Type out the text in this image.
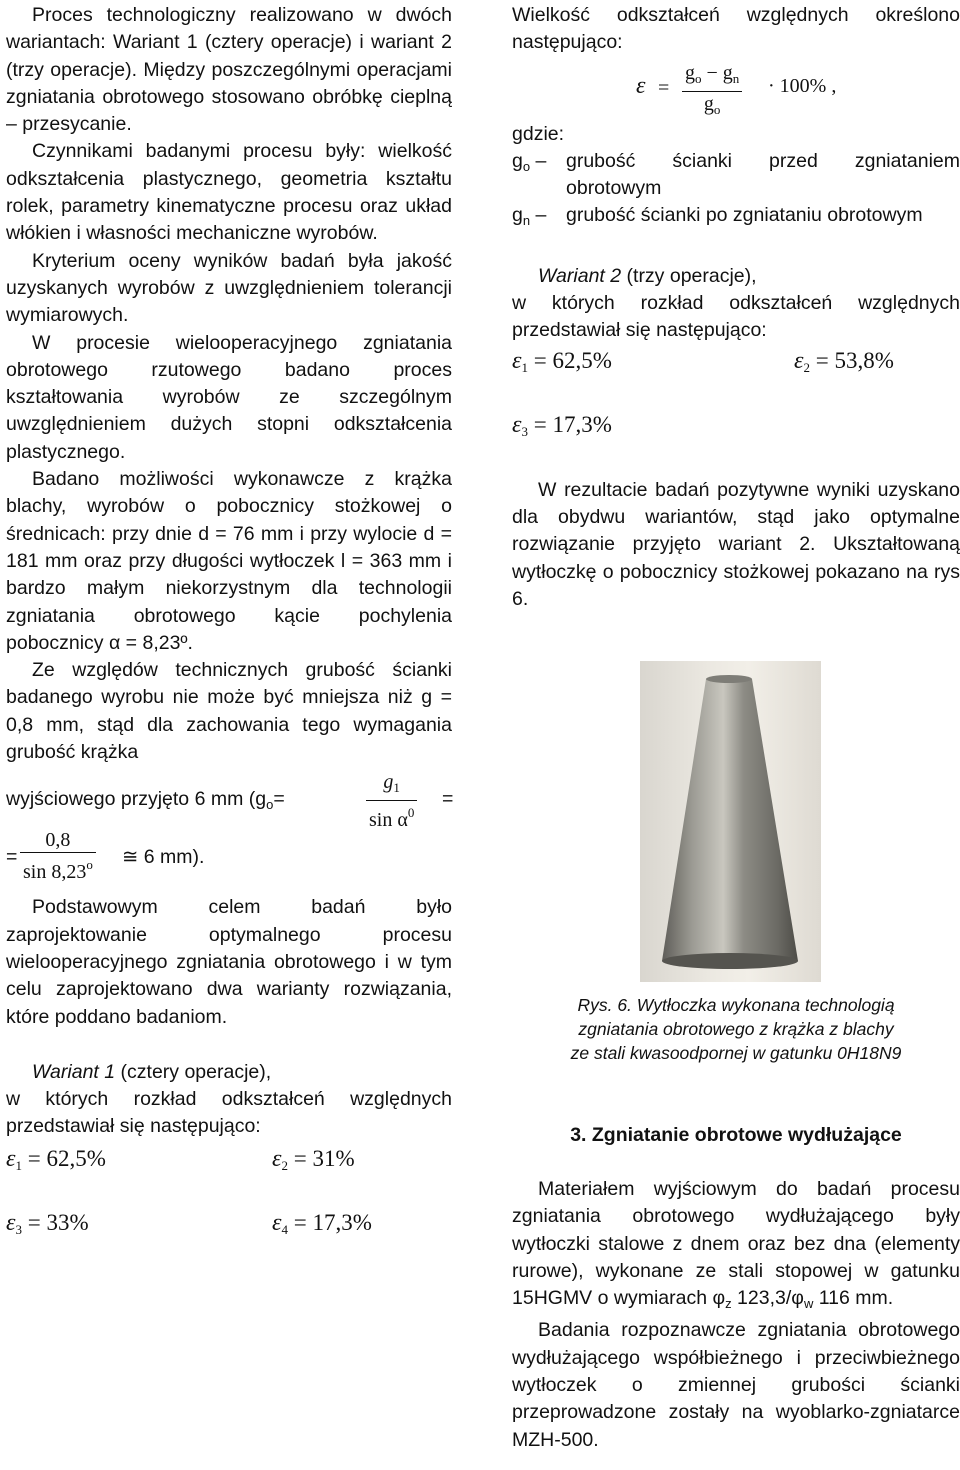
Proces technologiczny realizowano w dwóch wariantach: Wariant 1 (cztery operacje) i wariant 2 (trzy operacje). Między poszczególnymi operacjami zgniatania obrotowego stosowano obróbkę cieplną – przesycanie.

Czynnikami badanymi procesu były: wielkość odkształcenia plastycznego, geometria kształtu rolek, parametry kinematyczne procesu oraz układ włókien i własności mechaniczne wyrobów.

Kryterium oceny wyników badań była jakość uzyskanych wyrobów z uwzględnieniem tolerancji wymiarowych.

W procesie wielooperacyjnego zgniatania obrotowego rzutowego badano proces kształtowania wyrobów ze szczególnym uwzględnieniem dużych stopni odkształcenia plastycznego.

Badano możliwości wykonawcze z krążka blachy, wyrobów o pobocznicy stożkowej o średnicach: przy dnie d = 76 mm i przy wylocie d = 181 mm oraz przy długości wytłoczek l = 363 mm i bardzo małym niekorzystnym dla technologii zgniatania obrotowego kącie pochylenia pobocznicy α = 8,23º.

Ze względów technicznych grubość ścianki badanego wyrobu nie może być mniejsza niż g = 0,8 mm, stąd dla zachowania tego wymagania grubość krążka

wyjściowego przyjęto 6 mm ($g_o=$	$\frac{g_1}{\sin \alpha^0}$ =
= $\frac{0,8}{\sin 8,23^o}$ ≅ 6 mm).

Podstawowym celem badań było zaprojektowanie optymalnego procesu wielooperacyjnego zgniatania obrotowego i w tym celu zaprojektowano dwa warianty rozwiązania, które poddano badaniom.

Wariant 1 (cztery operacje),

w których rozkład odkształceń względnych przedstawiał się następująco:

$\varepsilon_1 = 62,5\%$	$\varepsilon_2 = 31\%$
$\varepsilon_3 = 33\%$	$\varepsilon_4 = 17,3\%$

Wielkość odkształceń względnych określono następująco:

$\varepsilon = \frac{g_o - g_n}{g_o} \cdot 100\%$ ,

gdzie:

$g_o$ –	grubość ścianki przed zgniataniem obrotowym
$g_n$ –	grubość ścianki po zgniataniu obrotowym

Wariant 2 (trzy operacje),

w których rozkład odkształceń względnych przedstawiał się następująco:

$\varepsilon_1 = 62,5\%$	$\varepsilon_2 = 53,8\%$
$\varepsilon_3 = 17,3\%$

W rezultacie badań pozytywne wyniki uzyskano dla obydwu wariantów, stąd jako optymalne rozwiązanie przyjęto wariant 2. Ukształtowaną wytłoczkę o pobocznicy stożkowej pokazano na rys 6.

Rys. 6. Wytłoczka wykonana technologią
zgniatania obrotowego z krążka z blachy
ze stali kwasoodpornej w gatunku 0H18N9
3. Zgniatanie obrotowe wydłużające

Materiałem wyjściowym do badań procesu zgniatania obrotowego wydłużającego były wytłoczki stalowe z dnem oraz bez dna (elementy rurowe), wykonane ze stali stopowej w gatunku 15HGMV o wymiarach $\varphi_z$ $123,3/\varphi_w$ 116 mm.

Badania rozpoznawcze zgniatania obrotowego wydłużającego współbieżnego i przeciwbieżnego wytłoczek o zmiennej grubości ścianki przeprowadzone zostały na wyoblarko-zgniatarce MZH-500.
